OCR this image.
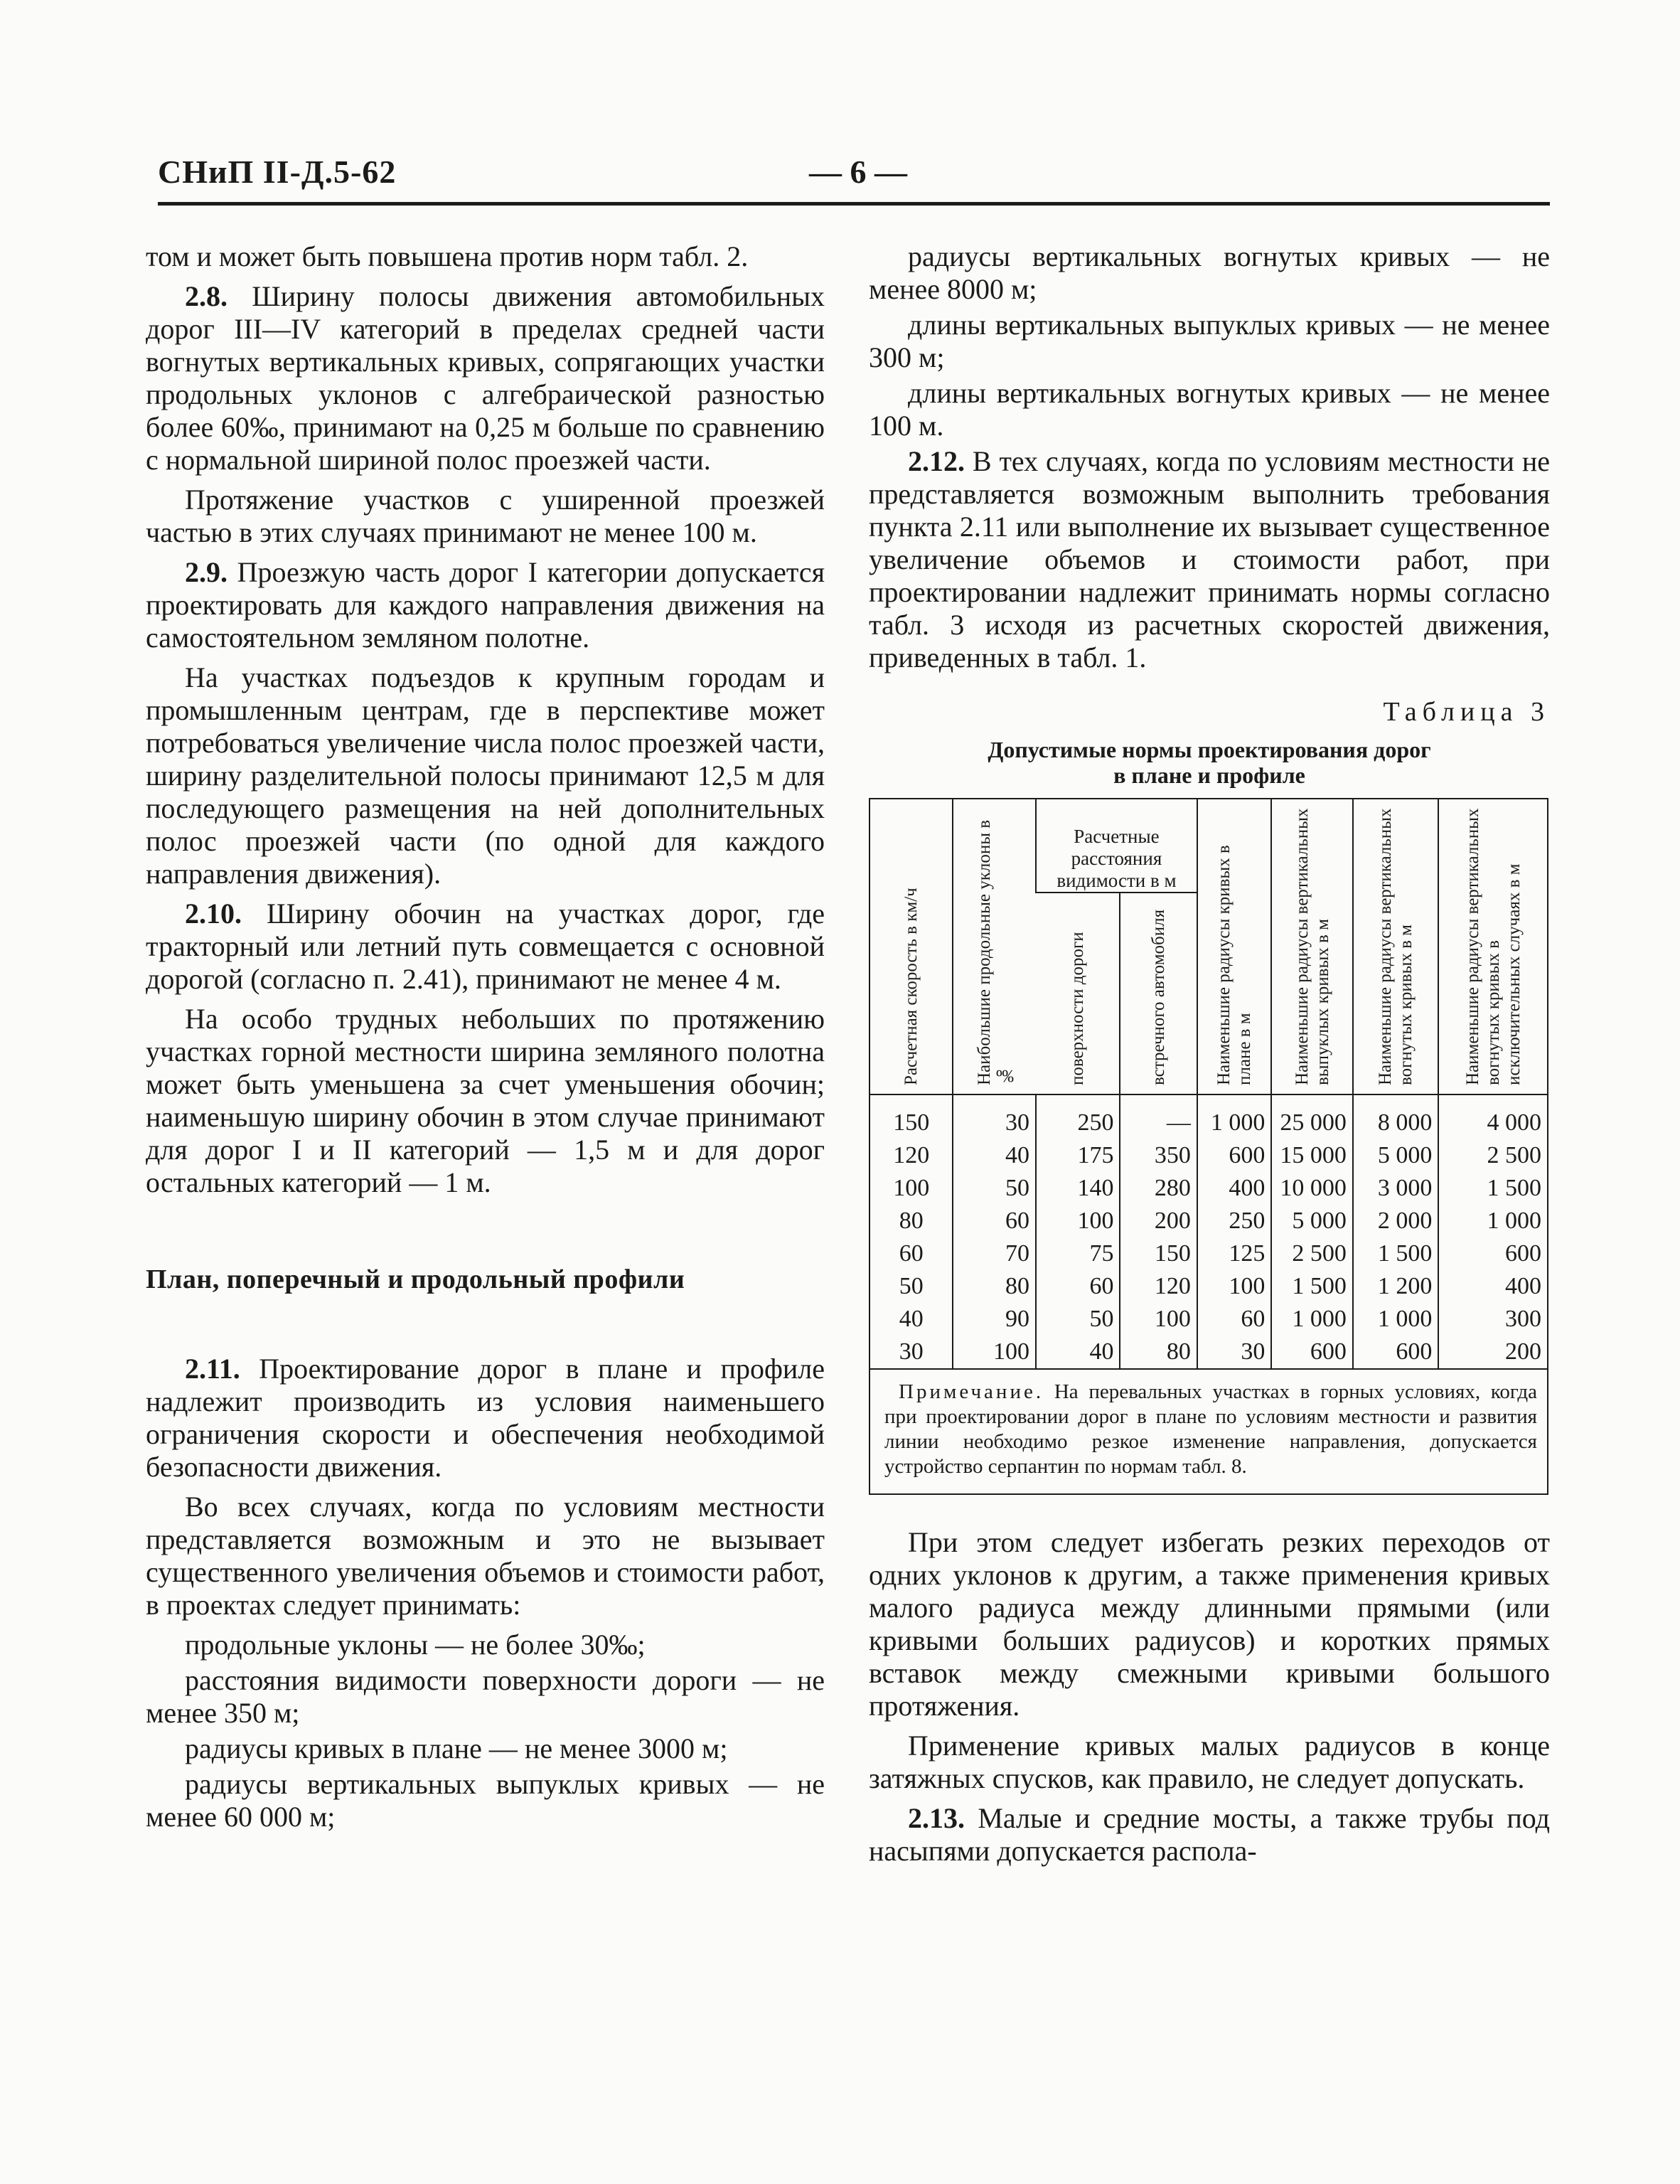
СНиП II-Д.5-62	— 6 —

том и может быть повышена против норм табл. 2.

2.8. Ширину полосы движения автомобильных дорог III—IV категорий в пределах средней части вогнутых вертикальных кривых, сопрягающих участки продольных уклонов с алгебраической разностью более 60‰, принимают на 0,25 м больше по сравнению с нормальной шириной полос проезжей части.

Протяжение участков с уширенной проезжей частью в этих случаях принимают не менее 100 м.

2.9. Проезжую часть дорог I категории допускается проектировать для каждого направления движения на самостоятельном земляном полотне.

На участках подъездов к крупным городам и промышленным центрам, где в перспективе может потребоваться увеличение числа полос проезжей части, ширину разделительной полосы принимают 12,5 м для последующего размещения на ней дополнительных полос проезжей части (по одной для каждого направления движения).

2.10. Ширину обочин на участках дорог, где тракторный или летний путь совмещается с основной дорогой (согласно п. 2.41), принимают не менее 4 м.

На особо трудных небольших по протяжению участках горной местности ширина земляного полотна может быть уменьшена за счет уменьшения обочин; наименьшую ширину обочин в этом случае принимают для дорог I и II категорий — 1,5 м и для дорог остальных категорий — 1 м.

План, поперечный и продольный профили

2.11. Проектирование дорог в плане и профиле надлежит производить из условия наименьшего ограничения скорости и обеспечения необходимой безопасности движения.

Во всех случаях, когда по условиям местности представляется возможным и это не вызывает существенного увеличения объемов и стоимости работ, в проектах следует принимать:

продольные уклоны — не более 30‰;

расстояния видимости поверхности дороги — не менее 350 м;

радиусы кривых в плане — не менее 3000 м;

радиусы вертикальных выпуклых кривых — не менее 60 000 м;

радиусы вертикальных вогнутых кривых — не менее 8000 м;

длины вертикальных выпуклых кривых — не менее 300 м;

длины вертикальных вогнутых кривых — не менее 100 м.

2.12. В тех случаях, когда по условиям местности не представляется возможным выполнить требования пункта 2.11 или выполнение их вызывает существенное увеличение объемов и стоимости работ, при проектировании надлежит принимать нормы согласно табл. 3 исходя из расчетных скоростей движения, приведенных в табл. 1.

Таблица 3
Допустимые нормы проектирования дорог
в плане и профиле
Расчетная скорость в км/ч	Наибольшие продольные уклоны в ‰	Расчетные расстояния видимости в м		Наименьшие радиусы кривых в плане в м	Наименьшие радиусы вертикальных выпуклых кривых в м	Наименьшие радиусы вертикальных вогнутых кривых в м	Наименьшие радиусы вертикальных вогнутых кривых в исключительных случаях в м

		поверхности дороги	встречного автомобиля				

150	30	250	—	1 000	25 000	8 000	4 000
120	40	175	350	600	15 000	5 000	2 500
100	50	140	280	400	10 000	3 000	1 500
80	60	100	200	250	5 000	2 000	1 000
60	70	75	150	125	2 500	1 500	600
50	80	60	120	100	1 500	1 200	400
40	90	50	100	60	1 000	1 000	300
30	100	40	80	30	600	600	200
Примечание. На перевальных участках в горных условиях, когда при проектировании дорог в плане по условиям местности и развития линии необходимо резкое изменение направления, допускается устройство серпантин по нормам табл. 8.

При этом следует избегать резких переходов от одних уклонов к другим, а также применения кривых малого радиуса между длинными прямыми (или кривыми больших радиусов) и коротких прямых вставок между смежными кривыми большого протяжения.

Применение кривых малых радиусов в конце затяжных спусков, как правило, не следует допускать.

2.13. Малые и средние мосты, а также трубы под насыпями допускается распола-
